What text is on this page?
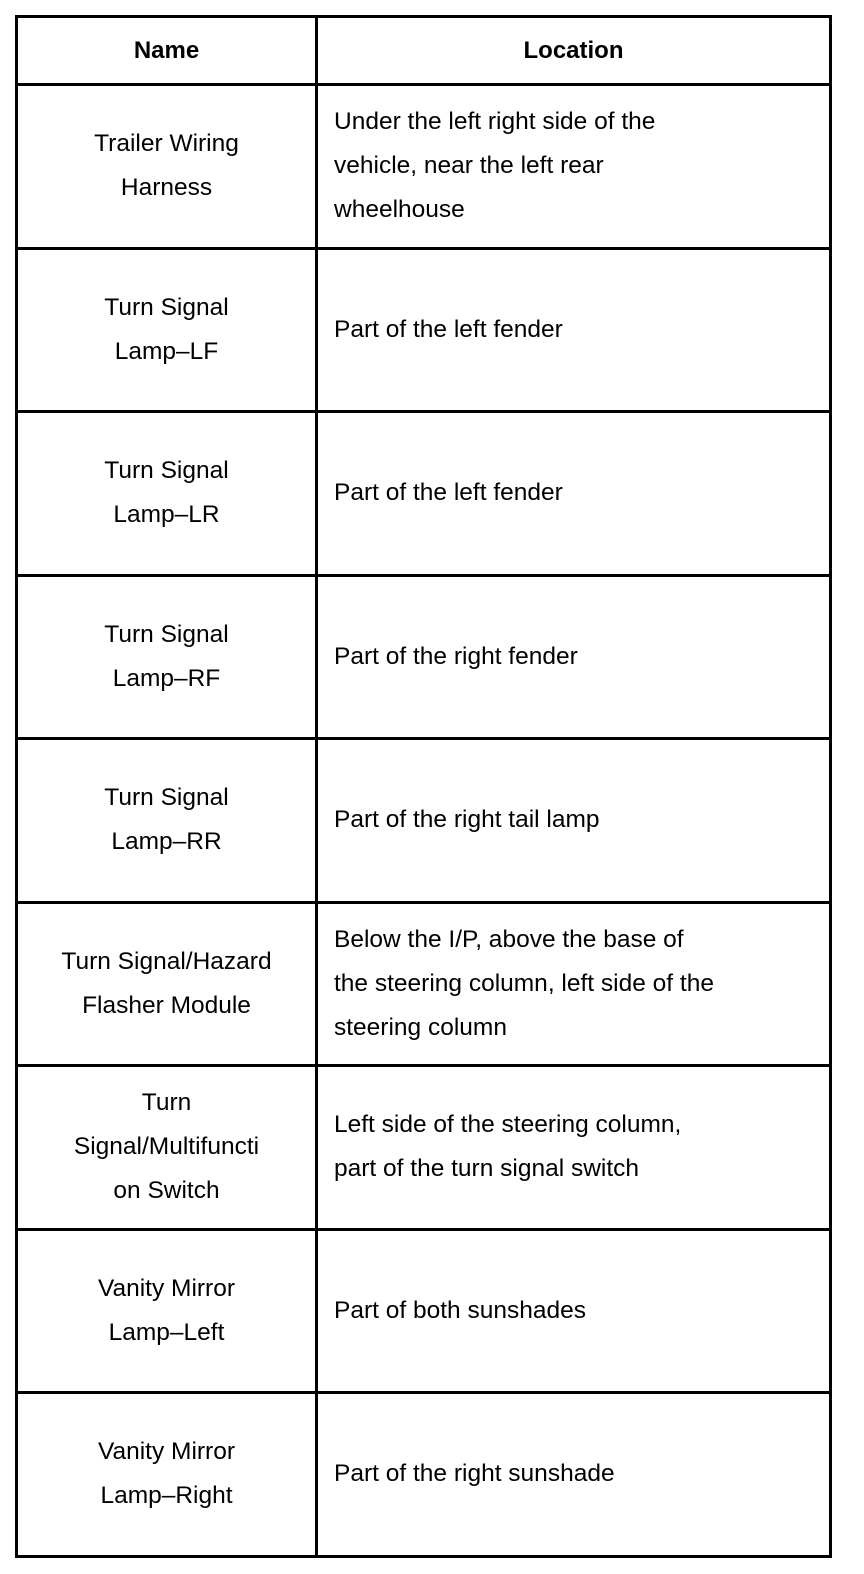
Name	Location

Trailer Wiring
Harness	Under the left right side of the
vehicle, near the left rear
wheelhouse

Turn Signal
Lamp–LF	Part of the left fender

Turn Signal
Lamp–LR	Part of the left fender

Turn Signal
Lamp–RF	Part of the right fender

Turn Signal
Lamp–RR	Part of the right tail lamp

Turn Signal/Hazard
Flasher Module	Below the I/P, above the base of
the steering column, left side of the
steering column

Turn
Signal/Multifuncti
on Switch	Left side of the steering column,
part of the turn signal switch

Vanity Mirror
Lamp–Left	Part of both sunshades

Vanity Mirror
Lamp–Right	Part of the right sunshade
